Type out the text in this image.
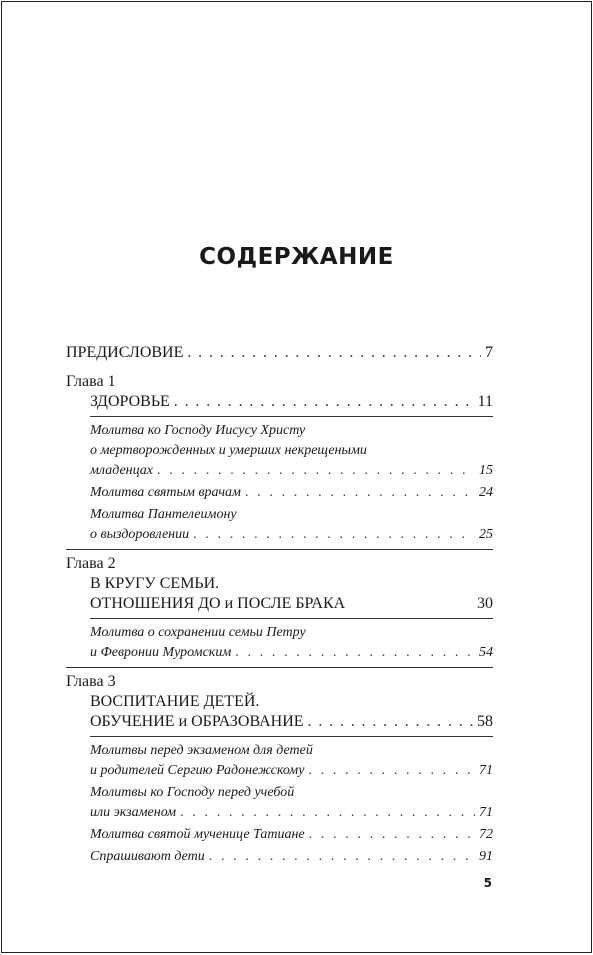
СОДЕРЖАНИЕ
ПРЕДИСЛОВИЕ . . .	7
Глава 1
ЗДОРОВЬЕ . . .	11
Молитва ко Господу Иисусу Христу
о мертворожденных и умерших некрещеными
младенцах . . .	15
Молитва святым врачам . . .	24
Молитва Пантелеимону
о выздоровлении . . .	25
Глава 2
В КРУГУ СЕМЬИ.
ОТНОШЕНИЯ ДО и ПОСЛЕ БРАКА	30
Молитва о сохранении семьи Петру
и Февронии Муромским . . .	54
Глава 3
ВОСПИТАНИЕ ДЕТЕЙ.
ОБУЧЕНИЕ и ОБРАЗОВАНИЕ . . .	58
Молитвы перед экзаменом для детей
и родителей Сергию Радонежскому . . .	71
Молитвы ко Господу перед учебой
или экзаменом . . .	71
Молитва святой мученице Татиане . . .	72
Спрашивают дети . . .	91
5
